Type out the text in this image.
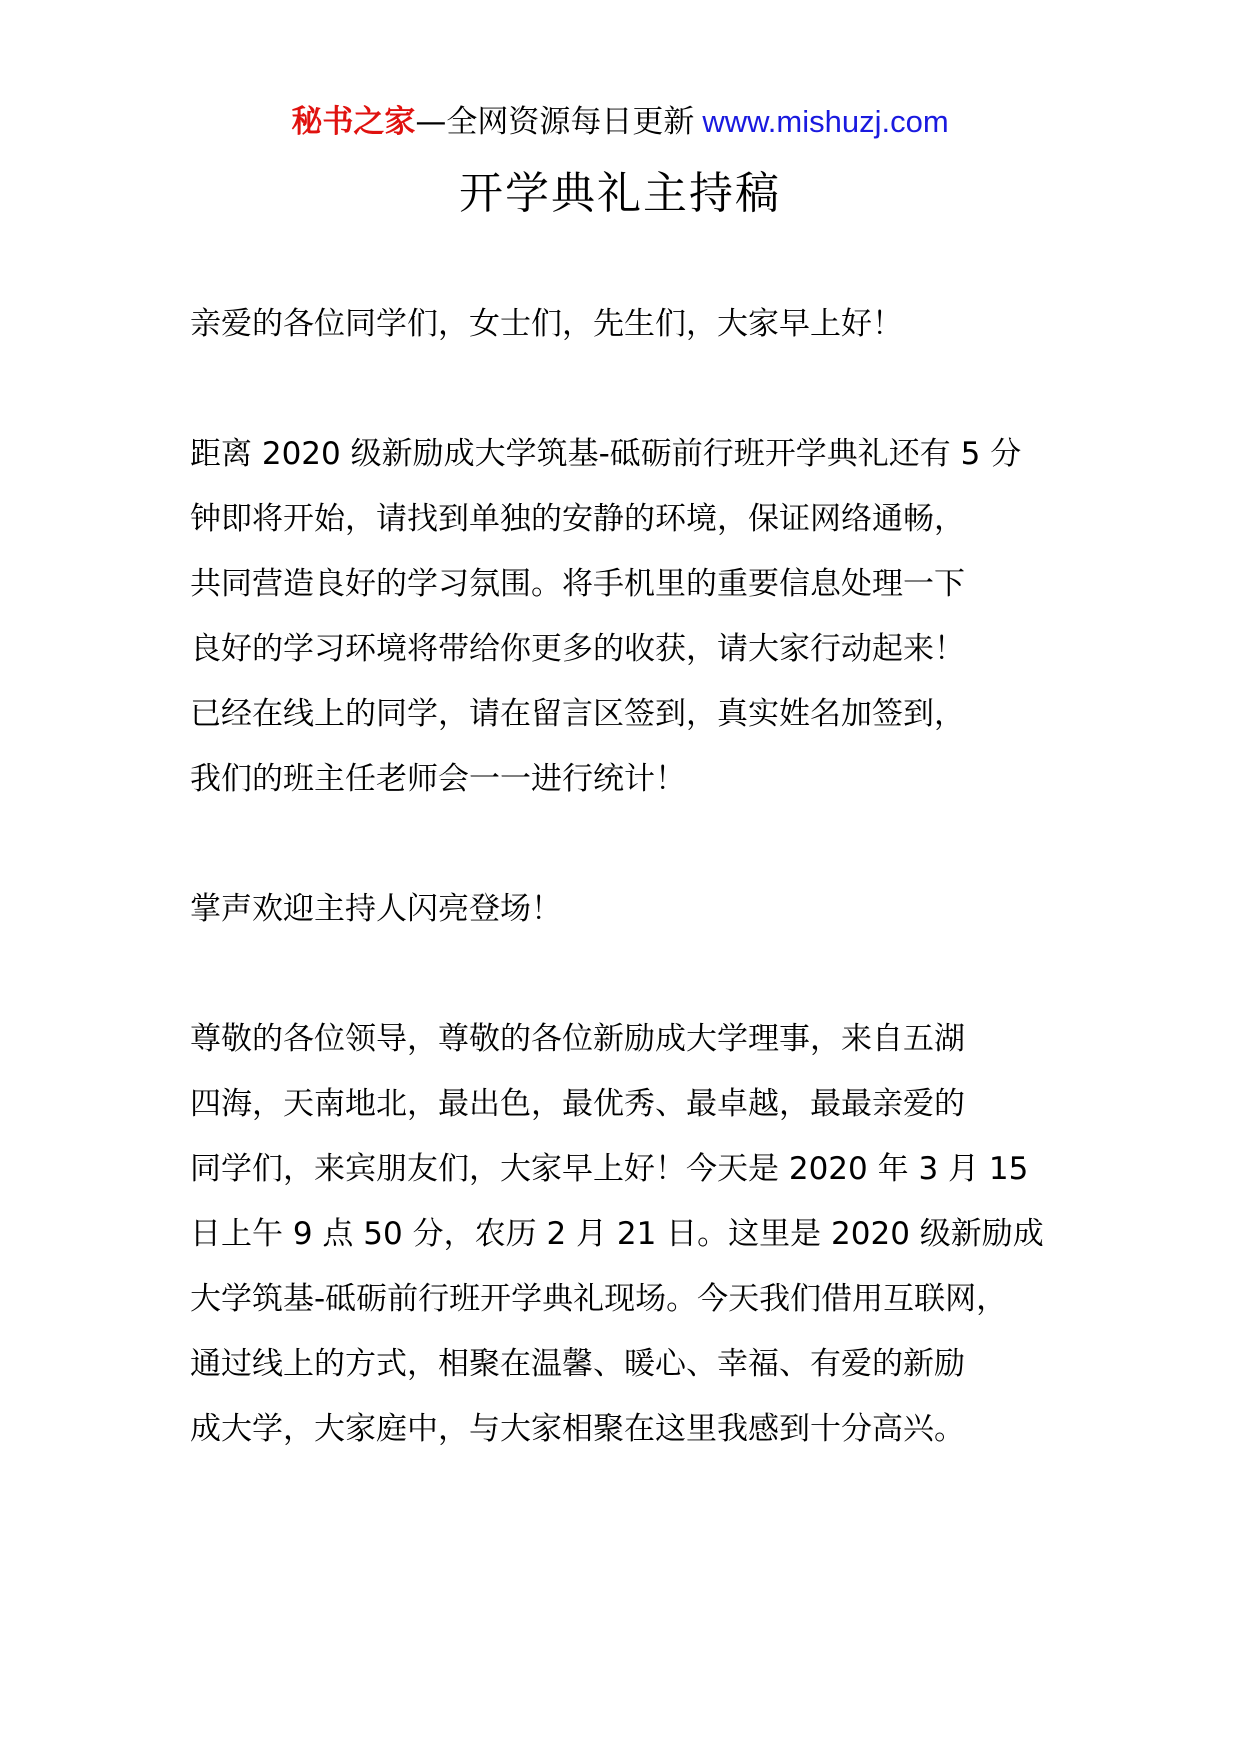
秘书之家—全网资源每日更新 www.mishuzj.com
开学典礼主持稿

亲爱的各位同学们，女士们，先生们，大家早上好！

距离 2020 级新励成大学筑基-砥砺前行班开学典礼还有 5 分
钟即将开始，请找到单独的安静的环境，保证网络通畅，
共同营造良好的学习氛围。将手机里的重要信息处理一下
良好的学习环境将带给你更多的收获，请大家行动起来！
已经在线上的同学，请在留言区签到，真实姓名加签到，
我们的班主任老师会一一进行统计！

掌声欢迎主持人闪亮登场！

尊敬的各位领导，尊敬的各位新励成大学理事，来自五湖
四海，天南地北，最出色，最优秀、最卓越，最最亲爱的
同学们，来宾朋友们，大家早上好！今天是 2020 年 3 月 15
日上午 9 点 50 分，农历 2 月 21 日。这里是 2020 级新励成
大学筑基-砥砺前行班开学典礼现场。今天我们借用互联网，
通过线上的方式，相聚在温馨、暖心、幸福、有爱的新励
成大学，大家庭中，与大家相聚在这里我感到十分高兴。
